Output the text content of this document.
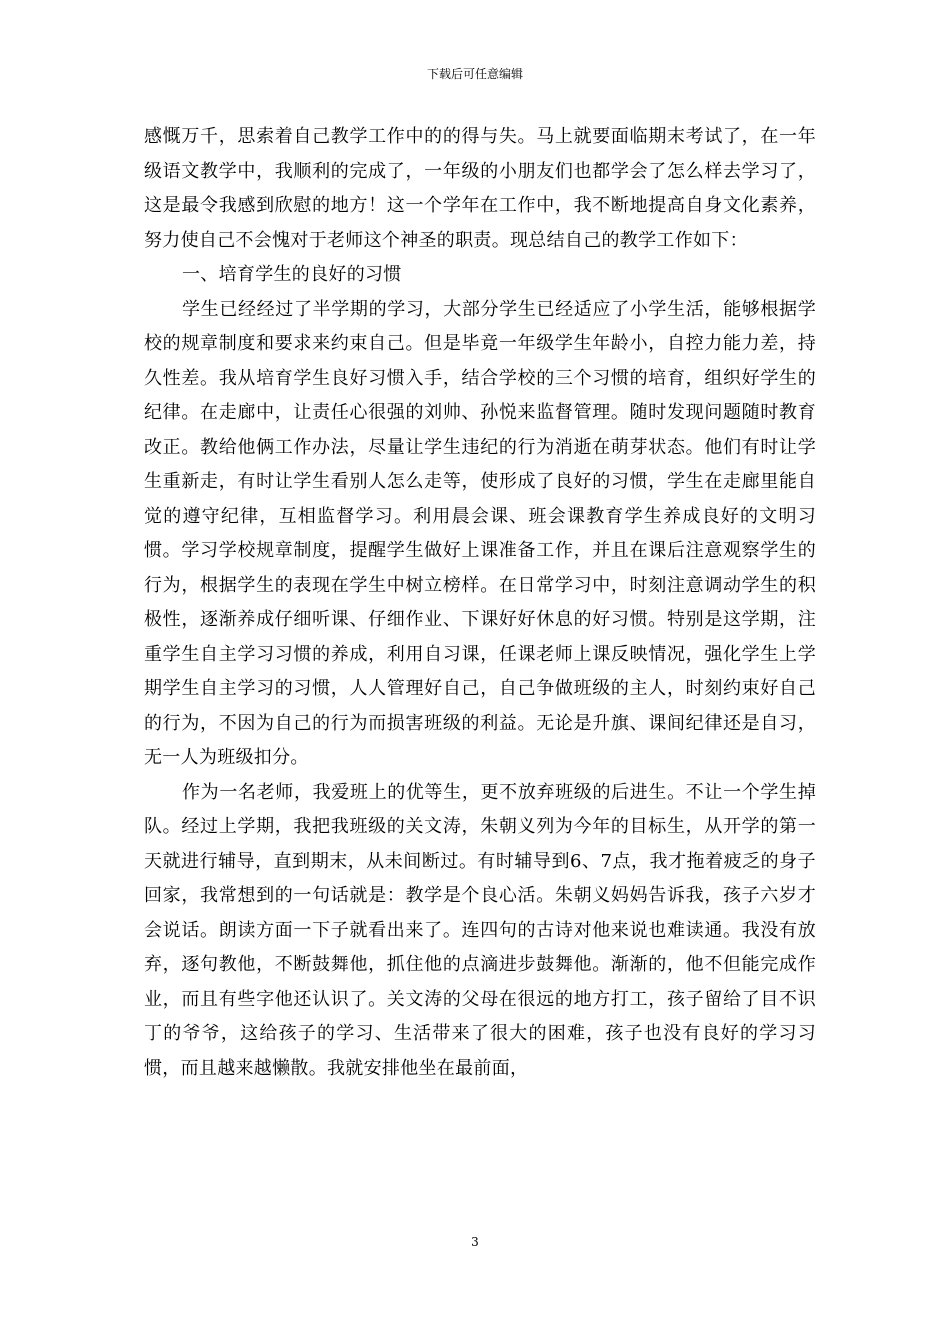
下载后可任意编辑

感慨万千，思索着自己教学工作中的的得与失。马上就要面临期末考试了，在一年级语文教学中，我顺利的完成了，一年级的小朋友们也都学会了怎么样去学习了，这是最令我感到欣慰的地方！这一个学年在工作中，我不断地提高自身文化素养，努力使自己不会愧对于老师这个神圣的职责。现总结自己的教学工作如下：

一、培育学生的良好的习惯

学生已经经过了半学期的学习，大部分学生已经适应了小学生活，能够根据学校的规章制度和要求来约束自己。但是毕竟一年级学生年龄小，自控力能力差，持久性差。我从培育学生良好习惯入手，结合学校的三个习惯的培育，组织好学生的纪律。在走廊中，让责任心很强的刘帅、孙悦来监督管理。随时发现问题随时教育改正。教给他俩工作办法，尽量让学生违纪的行为消逝在萌芽状态。他们有时让学生重新走，有时让学生看别人怎么走等，使形成了良好的习惯，学生在走廊里能自觉的遵守纪律，互相监督学习。利用晨会课、班会课教育学生养成良好的文明习惯。学习学校规章制度，提醒学生做好上课准备工作，并且在课后注意观察学生的行为，根据学生的表现在学生中树立榜样。在日常学习中，时刻注意调动学生的积极性，逐渐养成仔细听课、仔细作业、下课好好休息的好习惯。特别是这学期，注重学生自主学习习惯的养成，利用自习课，任课老师上课反映情况，强化学生上学期学生自主学习的习惯，人人管理好自己，自己争做班级的主人，时刻约束好自己的行为，不因为自己的行为而损害班级的利益。无论是升旗、课间纪律还是自习，无一人为班级扣分。

作为一名老师，我爱班上的优等生，更不放弃班级的后进生。不让一个学生掉队。经过上学期，我把我班级的关文涛，朱朝义列为今年的目标生，从开学的第一天就进行辅导，直到期末，从未间断过。有时辅导到6、7点，我才拖着疲乏的身子回家，我常想到的一句话就是：教学是个良心活。朱朝义妈妈告诉我，孩子六岁才会说话。朗读方面一下子就看出来了。连四句的古诗对他来说也难读通。我没有放弃，逐句教他，不断鼓舞他，抓住他的点滴进步鼓舞他。渐渐的，他不但能完成作业，而且有些字他还认识了。关文涛的父母在很远的地方打工，孩子留给了目不识丁的爷爷，这给孩子的学习、生活带来了很大的困难，孩子也没有良好的学习习惯，而且越来越懒散。我就安排他坐在最前面，

3
